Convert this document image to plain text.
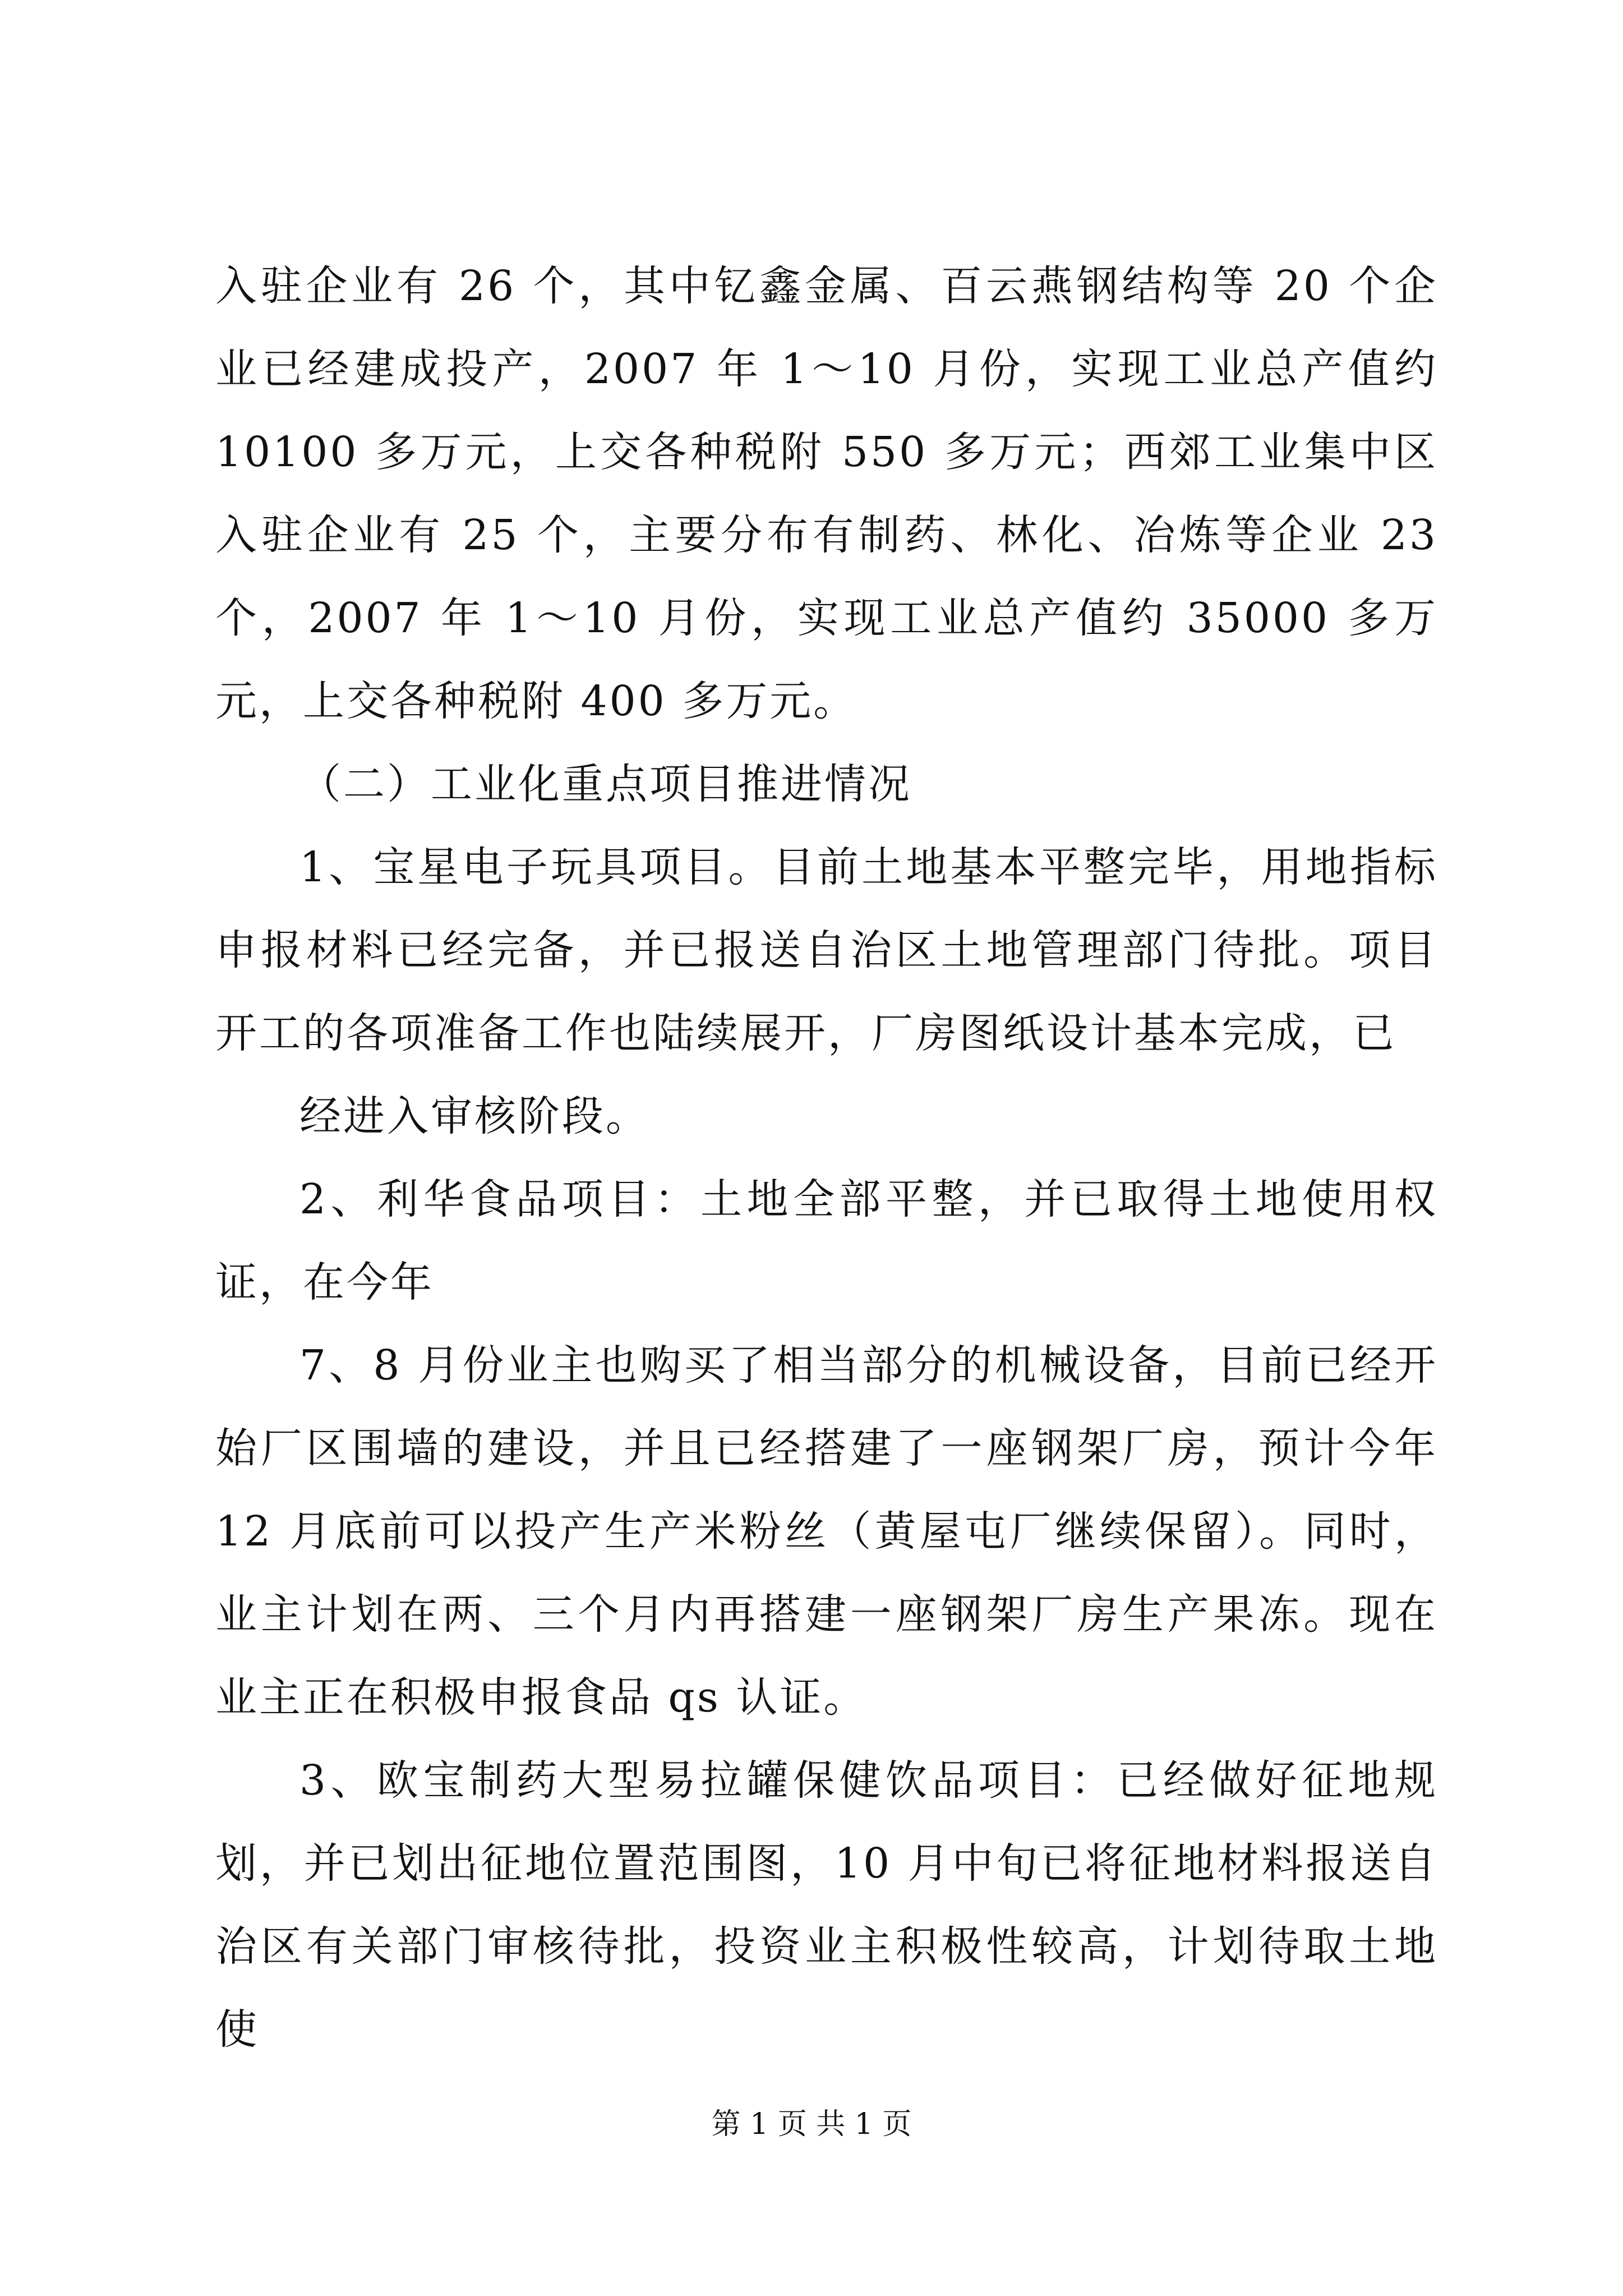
入驻企业有 26 个，其中钇鑫金属、百云燕钢结构等 20 个企业已经建成投产，2007 年 1～10 月份，实现工业总产值约 10100 多万元，上交各种税附 550 多万元；西郊工业集中区入驻企业有 25 个，主要分布有制药、林化、冶炼等企业 23 个，2007 年 1～10 月份，实现工业总产值约 35000 多万元，上交各种税附 400 多万元。

（二）工业化重点项目推进情况

1、宝星电子玩具项目。目前土地基本平整完毕，用地指标申报材料已经完备，并已报送自治区土地管理部门待批。项目开工的各项准备工作也陆续展开，厂房图纸设计基本完成，已

经进入审核阶段。

2、利华食品项目：土地全部平整，并已取得土地使用权证，在今年

7、8 月份业主也购买了相当部分的机械设备，目前已经开始厂区围墙的建设，并且已经搭建了一座钢架厂房，预计今年 12 月底前可以投产生产米粉丝（黄屋屯厂继续保留）。同时，业主计划在两、三个月内再搭建一座钢架厂房生产果冻。现在业主正在积极申报食品 qs 认证。

3、欧宝制药大型易拉罐保健饮品项目：已经做好征地规划，并已划出征地位置范围图，10 月中旬已将征地材料报送自治区有关部门审核待批，投资业主积极性较高，计划待取土地使

第 1 页 共 1 页
